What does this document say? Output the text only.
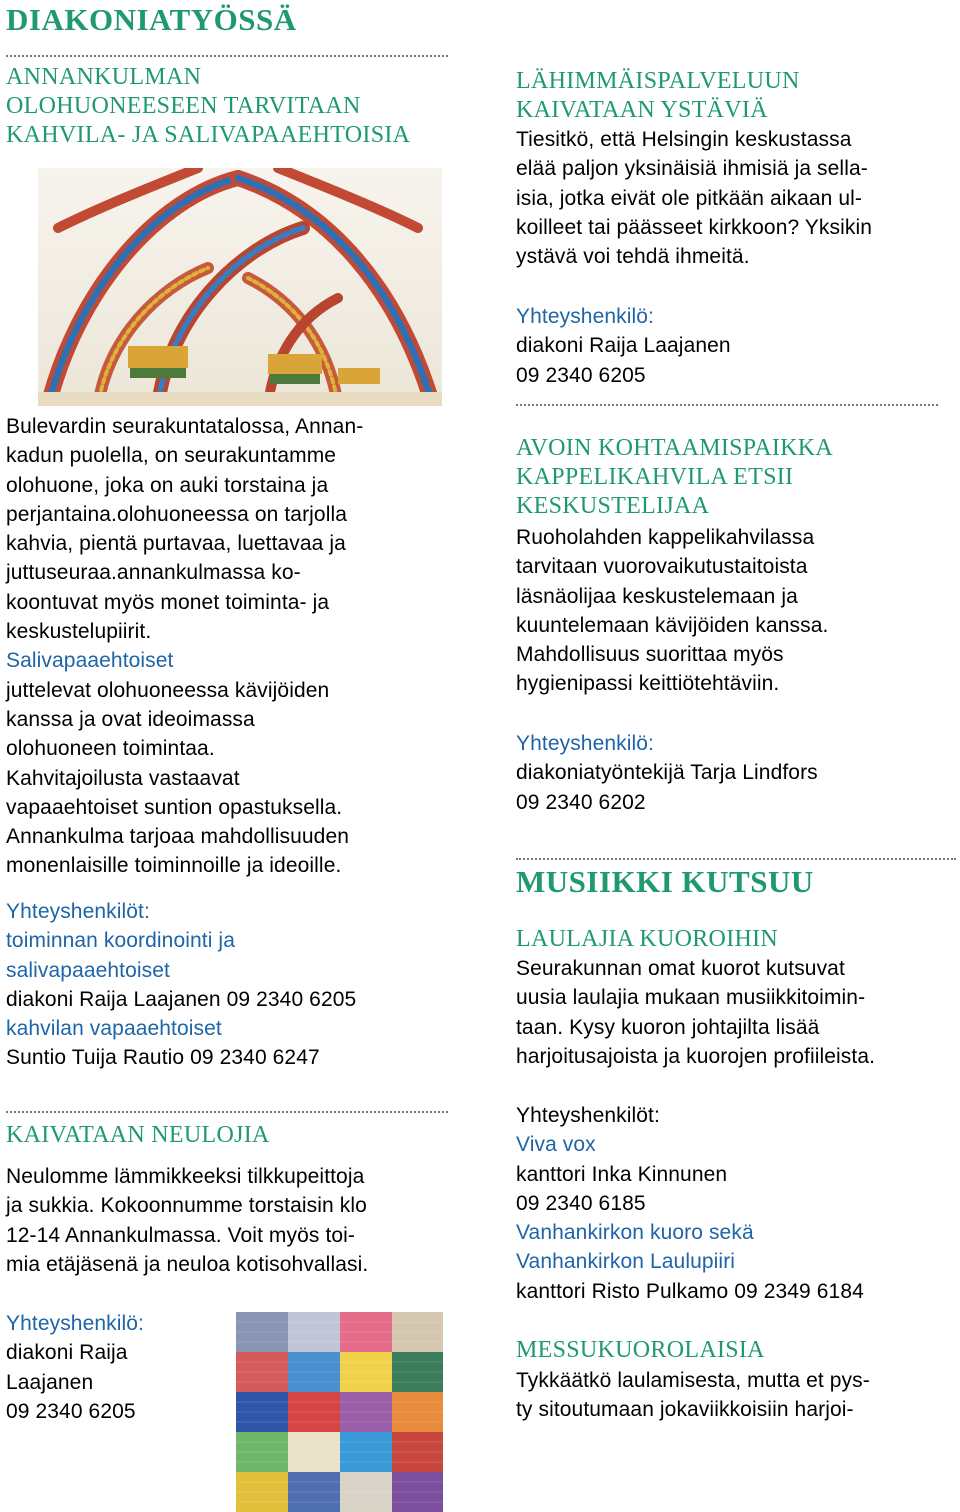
DIAKONIATYÖSSÄ
ANNANKULMAN
OLOHUONEESEEN TARVITAAN
KAHVILA- JA SALIVAPAAEHTOISIA
Bulevardin seurakuntatalossa, Annan-
kadun puolella, on seurakuntamme
olohuone, joka on auki torstaina ja
perjantaina.olohuoneessa on tarjolla
kahvia, pientä purtavaa, luettavaa ja
juttuseuraa.annankulmassa ko-
koontuvat myös monet toiminta- ja
keskustelupiirit.
Salivapaaehtoiset
juttelevat olohuoneessa kävijöiden
kanssa ja ovat ideoimassa
olohuoneen toimintaa.
Kahvitajoilusta vastaavat
vapaaehtoiset suntion opastuksella.
Annankulma tarjoaa mahdollisuuden
monenlaisille toiminnoille ja ideoille.
Yhteyshenkilöt:
toiminnan koordinointi ja
salivapaaehtoiset
diakoni Raija Laajanen 09 2340 6205
kahvilan vapaaehtoiset
Suntio Tuija Rautio 09 2340 6247
KAIVATAAN NEULOJIA
Neulomme lämmikkeeksi tilkkupeittoja
ja sukkia. Kokoonnumme torstaisin klo
12-14 Annankulmassa. Voit myös toi-
mia etäjäsenä ja neuloa kotisohvallasi.
Yhteyshenkilö:
diakoni Raija
Laajanen
09 2340 6205
LÄHIMMÄISPALVELUUN
KAIVATAAN YSTÄVIÄ
Tiesitkö, että Helsingin keskustassa
elää paljon yksinäisiä ihmisiä ja sella-
isia, jotka eivät ole pitkään aikaan ul-
koilleet tai päässeet kirkkoon? Yksikin
ystävä voi tehdä ihmeitä.
Yhteyshenkilö:
diakoni Raija Laajanen
09 2340 6205
AVOIN KOHTAAMISPAIKKA
KAPPELIKAHVILA ETSII
KESKUSTELIJAA
Ruoholahden kappelikahvilassa
tarvitaan vuorovaikutustaitoista
läsnäolijaa keskustelemaan ja
kuuntelemaan kävijöiden kanssa.
Mahdollisuus suorittaa myös
hygienipassi keittiötehtäviin.
Yhteyshenkilö:
diakoniatyöntekijä Tarja Lindfors
09 2340 6202
MUSIIKKI KUTSUU
LAULAJIA KUOROIHIN
Seurakunnan omat kuorot kutsuvat
uusia laulajia mukaan musiikkitoimin-
taan. Kysy kuoron johtajilta lisää
harjoitusajoista ja kuorojen profiileista.
Yhteyshenkilöt:
Viva vox
kanttori Inka Kinnunen
09 2340 6185
Vanhankirkon kuoro sekä
Vanhankirkon Laulupiiri
kanttori Risto Pulkamo 09 2349 6184
MESSUKUOROLAISIA
Tykkäätkö laulamisesta, mutta et pys-
ty sitoutumaan jokaviikkoisiin harjoi-
